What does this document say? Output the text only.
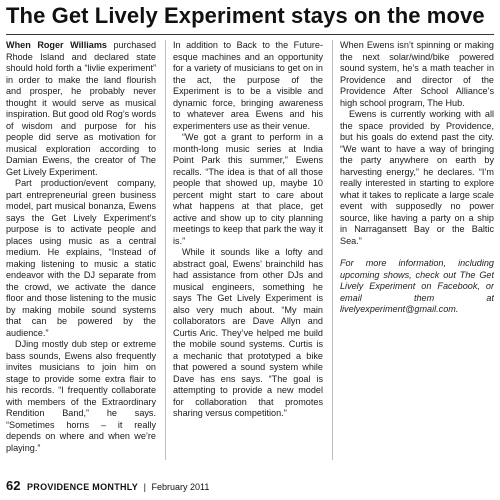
The Get Lively Experiment stays on the move

When Roger Williams purchased Rhode Island and declared state should hold forth a “livlie experiment” in order to make the land flourish and prosper, he probably never thought it would serve as musical inspiration. But good old Rog’s words of wisdom and purpose for his people did serve as motivation for musical exploration according to Damian Ewens, the creator of The Get Lively Experiment.

Part production/event company, part entrepreneurial green business model, part musical bonanza, Ewens says the Get Lively Experiment’s purpose is to activate people and places using music as a central medium. He explains, “Instead of making listening to music a static endeavor with the DJ separate from the crowd, we activate the dance floor and those listening to the music by making mobile sound systems that can be powered by the audience.”

DJing mostly dub step or extreme bass sounds, Ewens also frequently invites musicians to join him on stage to provide some extra flair to his records. “I frequently collaborate with members of the Extraordinary Rendition Band,” he says. “Sometimes horns – it really depends on where and when we’re playing.”

In addition to Back to the Future-esque machines and an opportunity for a variety of musicians to get on in the act, the purpose of the Experiment is to be a visible and dynamic force, bringing awareness to whatever area Ewens and his experimenters use as their venue.

“We got a grant to perform in a month-long music series at India Point Park this summer,” Ewens recalls. “The idea is that of all those people that showed up, maybe 10 percent might start to care about what happens at that place, get active and show up to city planning meetings to keep that park the way it is.”

While it sounds like a lofty and abstract goal, Ewens’ brainchild has had assistance from other DJs and musical engineers, something he says The Get Lively Experiment is also very much about. “My main collaborators are Dave Allyn and Curtis Aric. They’ve helped me build the mobile sound systems. Curtis is a mechanic that prototyped a bike that powered a sound system while Dave has ens says. “The goal is attempting to provide a new model for collaboration that promotes sharing versus competition.”

When Ewens isn’t spinning or making the next solar/wind/bike powered sound system, he’s a math teacher in Providence and director of the Providence After School Alliance’s high school program, The Hub.

Ewens is currently working with all the space provided by Providence, but his goals do extend past the city. “We want to have a way of bringing the party anywhere on earth by harvesting energy,” he declares. “I’m really interested in starting to explore what it takes to replicate a large scale event with supposedly no power source, like having a party on a ship in Narragansett Bay or the Baltic Sea.”

For more information, including upcoming shows, check out The Get Lively Experiment on Facebook, or email them at livelyexperiment@gmail.com.

62 PROVIDENCE MONTHLY | February 2011
